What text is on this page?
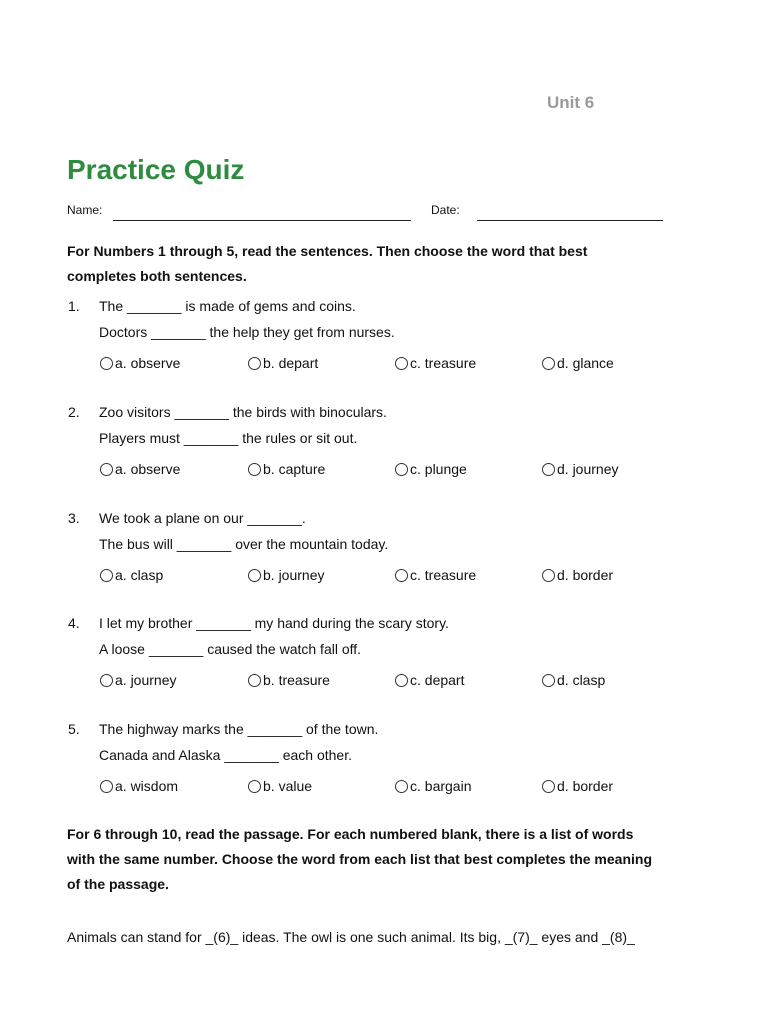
Unit 6
Practice Quiz
Name:	Date:
For Numbers 1 through 5, read the sentences. Then choose the word that best
completes both sentences.
1. The _______ is made of gems and coins.
Doctors _______ the help they get from nurses.
a. observe	b. depart	c. treasure	d. glance
2. Zoo visitors _______ the birds with binoculars.
Players must _______ the rules or sit out.
a. observe	b. capture	c. plunge	d. journey
3. We took a plane on our _______.
The bus will _______ over the mountain today.
a. clasp	b. journey	c. treasure	d. border
4. I let my brother _______ my hand during the scary story.
A loose _______ caused the watch fall off.
a. journey	b. treasure	c. depart	d. clasp
5. The highway marks the _______ of the town.
Canada and Alaska _______ each other.
a. wisdom	b. value	c. bargain	d. border
For 6 through 10, read the passage. For each numbered blank, there is a list of words
with the same number. Choose the word from each list that best completes the meaning
of the passage.
Animals can stand for _(6)_ ideas. The owl is one such animal. Its big, _(7)_ eyes and _(8)_
